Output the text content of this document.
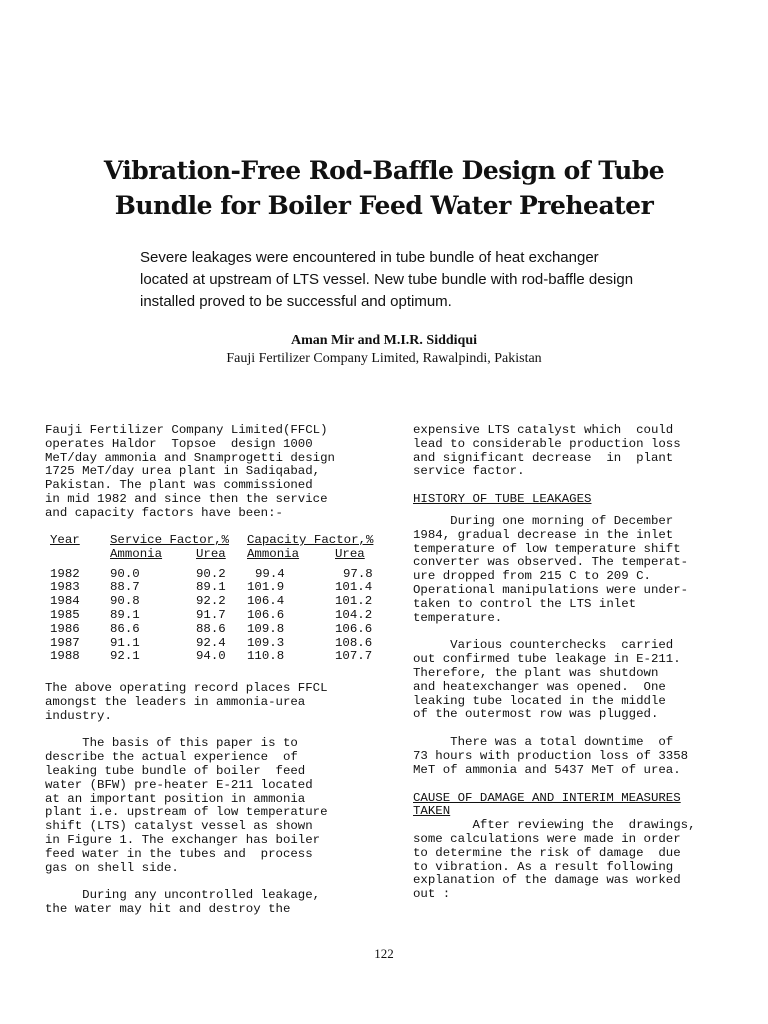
Vibration-Free Rod-Baffle Design of Tube Bundle for Boiler Feed Water Preheater
Severe leakages were encountered in tube bundle of heat exchanger located at upstream of LTS vessel. New tube bundle with rod-baffle design installed proved to be successful and optimum.
Aman Mir and M.I.R. Siddiqui
Fauji Fertilizer Company Limited, Rawalpindi, Pakistan
Fauji Fertilizer Company Limited(FFCL)
operates Haldor  Topsoe  design 1000
MeT/day ammonia and Snamprogetti design
1725 MeT/day urea plant in Sadiqabad,
Pakistan. The plant was commissioned
in mid 1982 and since then the service
and capacity factors have been:-
Year Service Factor,% Capacity Factor,%
Ammonia	Urea Ammonia	Urea
1982 90.0	90.2 99.4	97.8
1983 88.7	89.1 101.9	101.4
1984 90.8	92.2 106.4	101.2
1985 89.1	91.7 106.6	104.2
1986 86.6	88.6 109.8	106.6
1987 91.1	92.4 109.3	108.6
1988 92.1	94.0 110.8	107.7
The above operating record places FFCL
amongst the leaders in ammonia-urea
industry.
The basis of this paper is to
describe the actual experience  of
leaking tube bundle of boiler  feed
water (BFW) pre-heater E-211 located
at an important position in ammonia
plant i.e. upstream of low temperature
shift (LTS) catalyst vessel as shown
in Figure 1. The exchanger has boiler
feed water in the tubes and  process
gas on shell side.
During any uncontrolled leakage,
the water may hit and destroy the
expensive LTS catalyst which  could
lead to considerable production loss
and significant decrease  in  plant
service factor.
HISTORY OF TUBE LEAKAGES
During one morning of December
1984, gradual decrease in the inlet
temperature of low temperature shift
converter was observed. The temperat-
ure dropped from 215 C to 209 C.
Operational manipulations were under-
taken to control the LTS inlet
temperature.
Various counterchecks  carried
out confirmed tube leakage in E-211.
Therefore, the plant was shutdown
and heatexchanger was opened.  One
leaking tube located in the middle
of the outermost row was plugged.
There was a total downtime  of
73 hours with production loss of 3358
MeT of ammonia and 5437 MeT of urea.
CAUSE OF DAMAGE AND INTERIM MEASURES
TAKEN
After reviewing the  drawings,
some calculations were made in order
to determine the risk of damage  due
to vibration. As a result following
explanation of the damage was worked
out :
122
